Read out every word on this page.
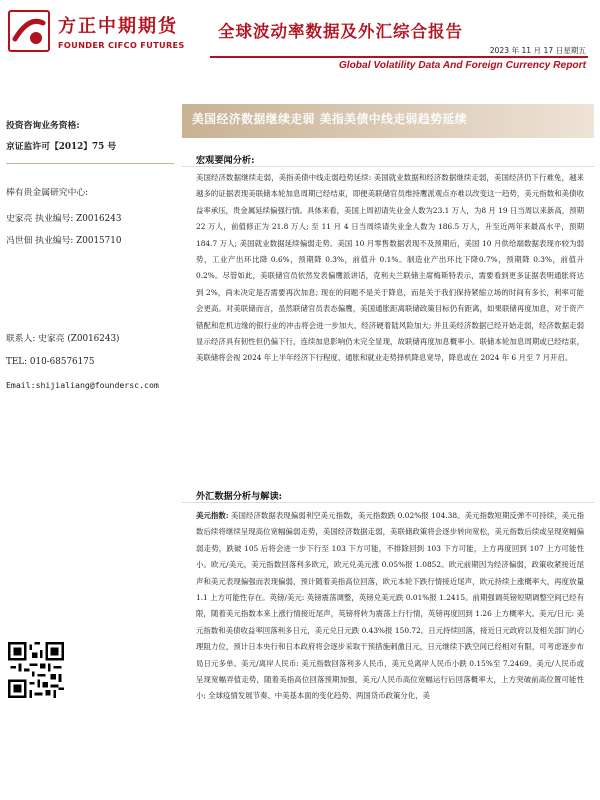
方正中期期货
FOUNDER CIFCO FUTURES
全球波动率数据及外汇综合报告
2023 年 11 月 17 日星期五
Global Volatility Data And Foreign Currency Report
投资咨询业务资格:
京证监许可【2012】75 号
棒有贵金属研究中心:
史家亮 执业编号: Z0016243
冯世佃 执业编号: Z0015710
联系人: 史家亮 (Z0016243)
TEL: 010-68576175
Email:shijialiang@foundersc.com
美国经济数据继续走弱 美指美债中线走弱趋势延续
宏观要闻分析:
美国经济数据继续走弱，美指美债中线走弱趋势延续: 美国就业数据和经济数据继续走弱，美国经济仍下行难免，越来越多的证据表现美联储本轮加息周期已经结束，即便美联储官员维持鹰派观点亦难以改变这一趋势，美元指数和美债收益率承压，贵金属延续偏强行情。具体来看，美国上周初请失业金人数为23.1 万人，为8 月 19 日当周以来新高，预期 22 万人，前值修正为 21.8 万人; 至 11 月 4 日当周续请失业金人数为 186.5 万人，升至近两年来最高水平，预期 184.7 万人; 美国就业数据延续偏弱走势。美国 10 月零售数据表现不及预期后，美国 10 月供给端数据表现亦较为弱势，工业产出环比降 0.6%，预期降 0.3%，前值升 0.1%。制造业产出环比下降0.7%，预期降 0.3%，前值升 0.2%。尽管如此，美联储官员依然发表偏鹰派讲话，克利夫兰联储主席梅斯特表示，需要看到更多证据表明通胀将达到 2%，尚未决定是否需要再次加息; 现在的问题不是关于降息，而是关于我们保持紧缩立场的时间有多长，利率可能会更高。对美联储而言，虽然联储官员表态偏鹰，美国通胀距离联储政策目标仍有距离，如果联储再度加息，对于资产错配和危机边缘的银行业的冲击将会进一步加大，经济硬着陆风险加大; 并且美经济数据已经开始走弱，经济数据走弱显示经济具有韧性但仍偏下行，连续加息影响仍未完全显现，故联储再度加息概率小。联储本轮加息周期或已经结束，美联储将会视 2024 年上半年经济下行程度、通胀和就业走势择机降息宽导，降息或在 2024 年 6 月至 7 月开启。
外汇数据分析与解读:
美元指数: 美国经济数据表现偏弱利空美元指数，美元指数跌 0.02%报 104.38。美元指数短期反弹不可持续，美元指数后续将继续呈现高位宽幅偏弱走势，美国经济数据走弱，美联储政策将会逐步转向宽松，美元指数后续或呈现宽幅偏弱走势，跌破 105 后将会进一步下行至 103 下方可能，不排除回到 103 下方可能，上方再度回到 107 上方可能性小。欧元/美元，美元指数回落利多欧元，欧元兑美元涨 0.05%报 1.0852。欧元前期因为经济偏弱，政策收紧接近尾声和美元表现偏强而表现偏弱，预计随着美指高位回落，欧元本轮下跌行情接近尾声，欧元持续上涨概率大，再度放量 1.1 上方可能性存在。英镑/美元: 英镑震荡调整，英镑兑美元跌 0.01%报 1.2415。前期强调英镑短期调整空间已经有限，随着美元指数本来上涨行情接近尾声，英镑将转为震荡上行行情，英镑再度回到 1.26 上方概率大。美元/日元: 美元指数和美债收益率回落利多日元，美元兑日元跌 0.43%报 150.72。日元持续回落，接近日元政府以及相关部门的心理阻力位，预计日本央行和日本政府将会逐步采取干预措施刺激日元，日元继续下跌空间已经相对有限，可考虑逐步布局日元多单。美元/离岸人民币: 美元指数回落利多人民币，美元兑离岸人民币小跌 0.15%至 7.2469。美元/人民币或呈现宽幅弄值走势，随着美指高位回落预期加强，美元/人民币高位宽幅运行后回落概率大，上方突破前高位置可能性小; 全球疫情发展节奏、中美基本面的变化趋势、两国货币政策分化，美
